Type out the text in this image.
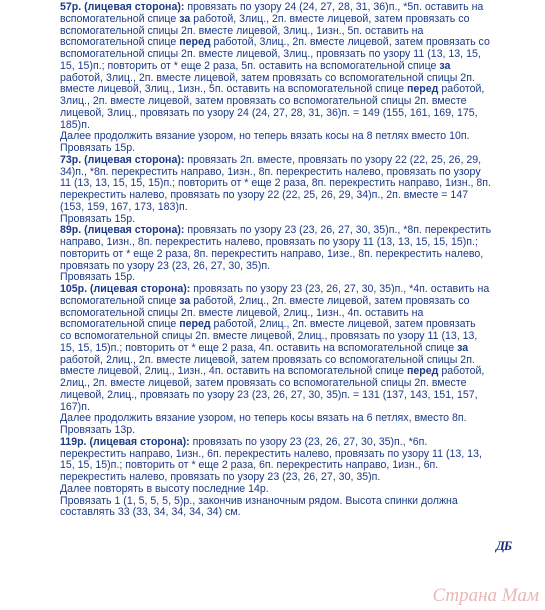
57р. (лицевая сторона): провязать по узору 24 (24, 27, 28, 31, 36)п., *5п. оставить на
вспомогательной спице за работой, 3лиц., 2п. вместе лицевой, затем провязать со
вспомогательной спицы 2п. вместе лицевой, 3лиц., 1изн., 5п. оставить на
вспомогательной спице перед работой, 3лиц., 2п. вместе лицевой, затем провязать со
вспомогательной спицы 2п. вместе лицевой, 3лиц., провязать по узору 11 (13, 13, 15,
15, 15)п.; повторить от * еще 2 раза, 5п. оставить на вспомогательной спице за
работой, 3лиц., 2п. вместе лицевой, затем провязать со вспомогательной спицы 2п.
вместе лицевой, 3лиц., 1изн., 5п. оставить на вспомогательной спице перед работой,
3лиц., 2п. вместе лицевой, затем провязать со вспомогательной спицы 2п. вместе
лицевой, 3лиц., провязать по узору 24 (24, 27, 28, 31, 36)п. = 149 (155, 161, 169, 175,
185)п.
Далее продолжить вязание узором, но теперь вязать косы на 8 петлях вместо 10п.
Провязать 15р.
73р. (лицевая сторона): провязать 2п. вместе, провязать по узору 22 (22, 25, 26, 29,
34)п., *8п. перекрестить направо, 1изн., 8п. перекрестить налево, провязать по узору
11 (13, 13, 15, 15, 15)п.; повторить от * еще 2 раза, 8п. перекрестить направо, 1изн., 8п.
перекрестить налево, провязать по узору 22 (22, 25, 26, 29, 34)п., 2п. вместе = 147
(153, 159, 167, 173, 183)п.
Провязать 15р.
89р. (лицевая сторона): провязать по узору 23 (23, 26, 27, 30, 35)п., *8п. перекрестить
направо, 1изн., 8п. перекрестить налево, провязать по узору 11 (13, 13, 15, 15, 15)п.;
повторить от * еще 2 раза, 8п. перекрестить направо, 1изе., 8п. перекрестить налево,
провязать по узору 23 (23, 26, 27, 30, 35)п.
Провязать 15р.
105р. (лицевая сторона): провязать по узору 23 (23, 26, 27, 30, 35)п., *4п. оставить на
вспомогательной спице за работой, 2лиц., 2п. вместе лицевой, затем провязать со
вспомогательной спицы 2п. вместе лицевой, 2лиц., 1изн., 4п. оставить на
вспомогательной спице перед работой, 2лиц., 2п. вместе лицевой, затем провязать
со вспомогательной спицы 2п. вместе лицевой, 2лиц., провязать по узору 11 (13, 13,
15, 15, 15)п.; повторить от * еще 2 раза, 4п. оставить на вспомогательной спице за
работой, 2лиц., 2п. вместе лицевой, затем провязать со вспомогательной спицы 2п.
вместе лицевой, 2лиц., 1изн., 4п. оставить на вспомогательной спице перед работой,
2лиц., 2п. вместе лицевой, затем провязать со вспомогательной спицы 2п. вместе
лицевой, 2лиц., провязать по узору 23 (23, 26, 27, 30, 35)п. = 131 (137, 143, 151, 157,
167)п.
Далее продолжить вязание узором, но теперь косы вязать на 6 петлях, вместо 8п.
Провязать 13р.
119р. (лицевая сторона): провязать по узору 23 (23, 26, 27, 30, 35)п., *6п.
перекрестить направо, 1изн., 6п. перекрестить налево, провязать по узору 11 (13, 13,
15, 15, 15)п.; повторить от * еще 2 раза, 6п. перекрестить направо, 1изн., 6п.
перекрестить налево, провязать по узору 23 (23, 26, 27, 30, 35)п.
Далее повторять в высоту последние 14р.
Провязать 1 (1, 5, 5, 5, 5)р., закончив изнаночным рядом. Высота спинки должна
составлять 33 (33, 34, 34, 34, 34) см.
ДБ
Страна Мам
